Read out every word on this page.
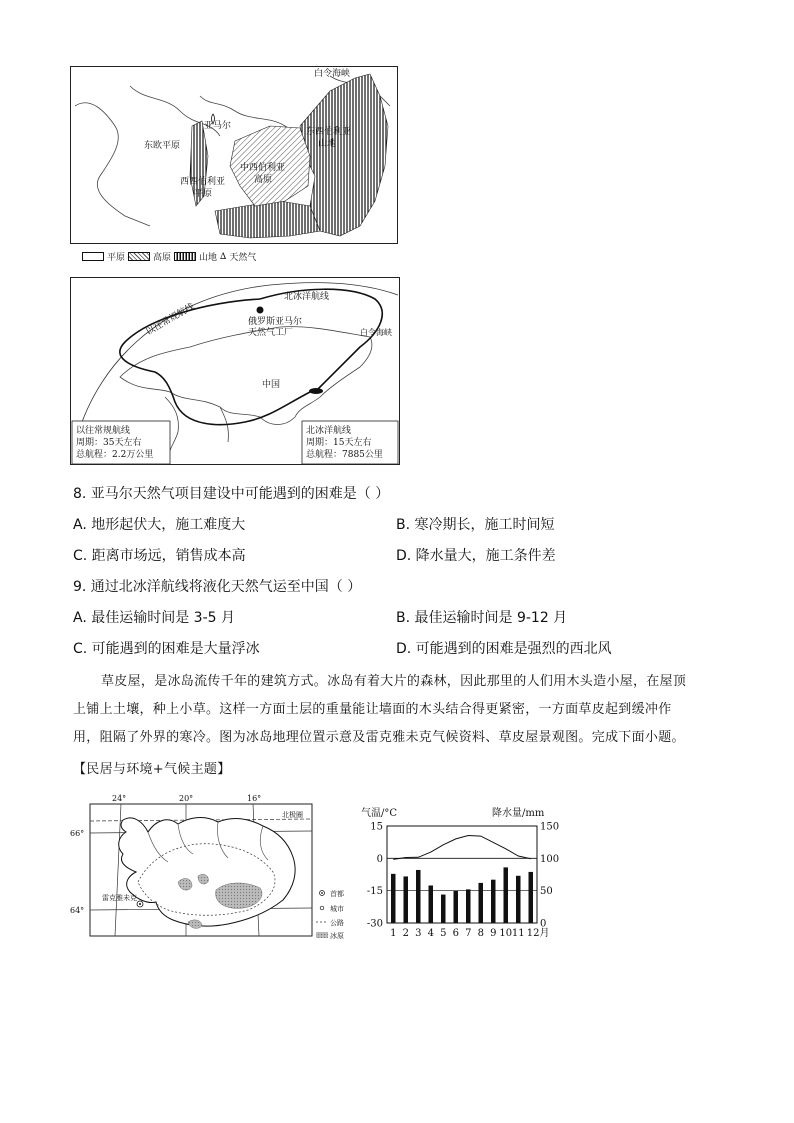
白令海峡
亚马尔
东欧平原
东西伯利亚
山地
中西伯利亚
高原
西西伯利亚
平原
平原	高原	山地 ∆ 天然气
以往常规航线
北冰洋航线
俄罗斯亚马尔
天然气工厂
中国
白令海峡
以往常规航线
周期：35天左右
总航程：2.2万公里
北冰洋航线
周期：15天左右
总航程：7885公里
8. 亚马尔天然气项目建设中可能遇到的困难是（ ）
A. 地形起伏大，施工难度大	B. 寒冷期长，施工时间短
C. 距离市场远，销售成本高	D. 降水量大，施工条件差
9. 通过北冰洋航线将液化天然气运至中国（ ）
A. 最佳运输时间是 3-5 月	B. 最佳运输时间是 9-12 月
C. 可能遇到的困难是大量浮冰	D. 可能遇到的困难是强烈的西北风
草皮屋，是冰岛流传千年的建筑方式。冰岛有着大片的森林，因此那里的人们用木头造小屋，在屋顶
上铺上土壤，种上小草。这样一方面土层的重量能让墙面的木头结合得更紧密，一方面草皮起到缓冲作
用，阻隔了外界的寒冷。图为冰岛地理位置示意及雷克雅未克气候资料、草皮屋景观图。完成下面小题。
【民居与环境+气候主题】
24°	20°	16°
66°
64°
北极圈
雷克雅未克	首都
城市
公路
冰原
气温/°C	降水量/mm
15
0
-15
-30
150
100
50
0
1 2 3 4 5 6 7 8 9 10 11 12月
